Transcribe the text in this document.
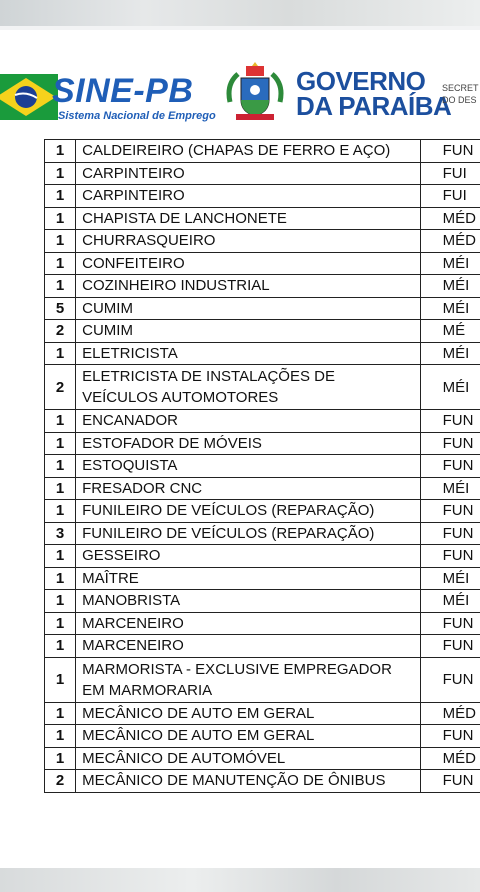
SINE-PB
Sistema Nacional de Emprego
GOVERNO
DA PARAÍBA
SECRET
DO DES
1	CALDEIREIRO (CHAPAS DE FERRO E AÇO)	FUN
1	CARPINTEIRO	FUI
1	CARPINTEIRO	FUI
1	CHAPISTA DE LANCHONETE	MÉD
1	CHURRASQUEIRO	MÉD
1	CONFEITEIRO	MÉI
1	COZINHEIRO INDUSTRIAL	MÉI
5	CUMIM	MÉI
2	CUMIM	MÉ
1	ELETRICISTA	MÉI
2	ELETRICISTA DE INSTALAÇÕES DE VEÍCULOS AUTOMOTORES	MÉI
1	ENCANADOR	FUN
1	ESTOFADOR DE MÓVEIS	FUN
1	ESTOQUISTA	FUN
1	FRESADOR CNC	MÉI
1	FUNILEIRO DE VEÍCULOS (REPARAÇÃO)	FUN
3	FUNILEIRO DE VEÍCULOS (REPARAÇÃO)	FUN
1	GESSEIRO	FUN
1	MAÎTRE	MÉI
1	MANOBRISTA	MÉI
1	MARCENEIRO	FUN
1	MARCENEIRO	FUN
1	MARMORISTA - EXCLUSIVE EMPREGADOR EM MARMORARIA	FUN
1	MECÂNICO DE AUTO EM GERAL	MÉD
1	MECÂNICO DE AUTO EM GERAL	FUN
1	MECÂNICO DE AUTOMÓVEL	MÉD
2	MECÂNICO DE MANUTENÇÃO DE ÔNIBUS	FUN
